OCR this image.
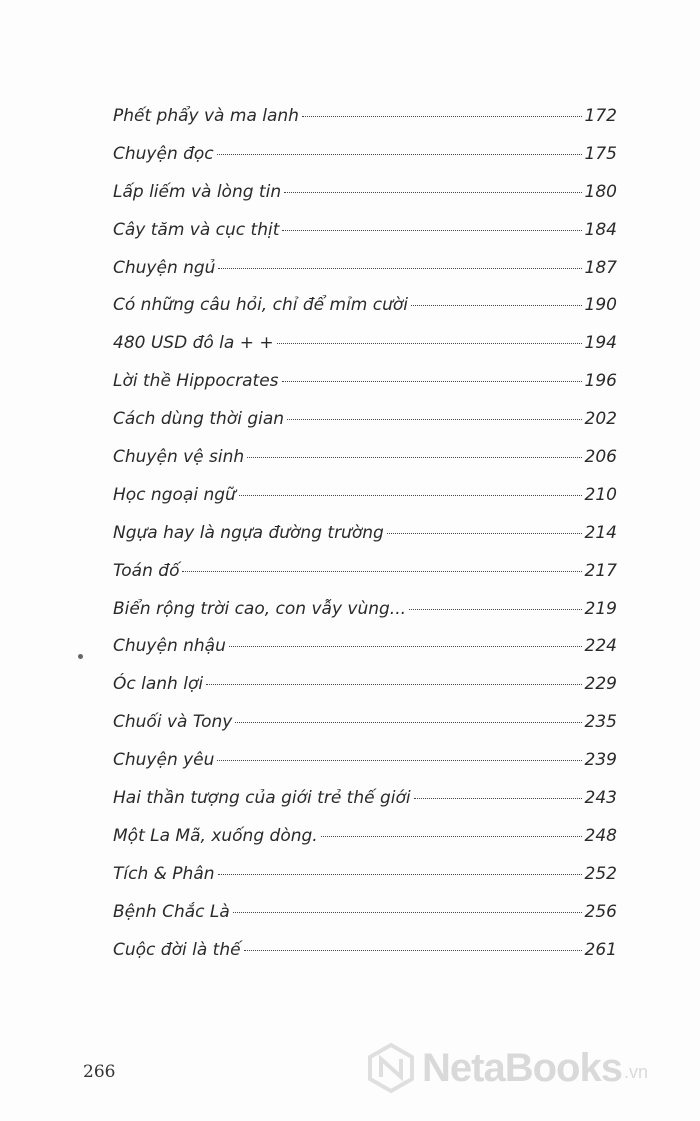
Phết phẩy và ma lanh	172
Chuyện đọc	175
Lấp liếm và lòng tin	180
Cây tăm và cục thịt	184
Chuyện ngủ	187
Có những câu hỏi, chỉ để mỉm cười	190
480 USD đô la + +	194
Lời thề Hippocrates	196
Cách dùng thời gian	202
Chuyện vệ sinh	206
Học ngoại ngữ	210
Ngựa hay là ngựa đường trường	214
Toán đố	217
Biển rộng trời cao, con vẫy vùng...	219
Chuyện nhậu	224
Óc lanh lợi	229
Chuối và Tony	235
Chuyện yêu	239
Hai thần tượng của giới trẻ thế giới	243
Một La Mã, xuống dòng.	248
Tích & Phân	252
Bệnh Chắc Là	256
Cuộc đời là thế	261
266	NetaBooks .vn
